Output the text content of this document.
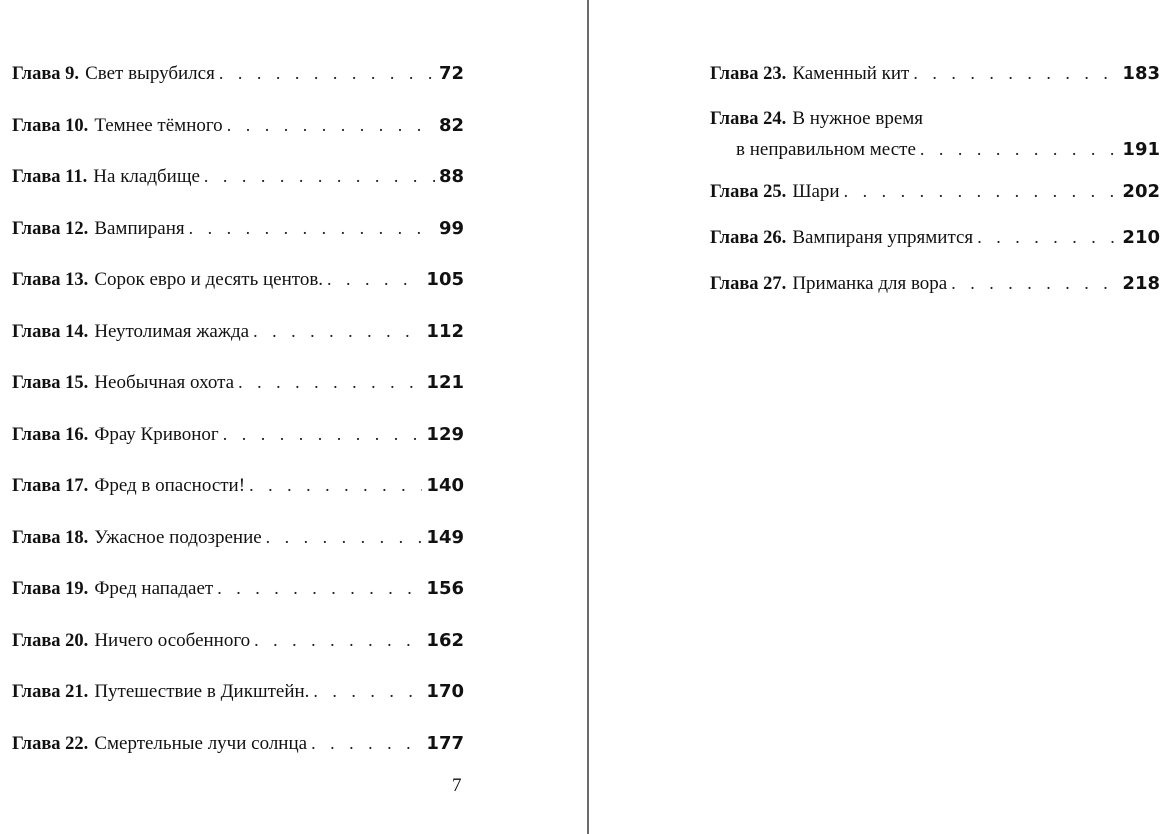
Глава 9. Свет вырубился . . .	72
Глава 10. Темнее тёмного . . .	82
Глава 11. На кладбище . . .	88
Глава 12. Вампираня . . .	99
Глава 13. Сорок евро и десять центов. . . .	105
Глава 14. Неутолимая жажда . . .	112
Глава 15. Необычная охота . . .	121
Глава 16. Фрау Кривоног . . .	129
Глава 17. Фред в опасности! . . .	140
Глава 18. Ужасное подозрение . . .	149
Глава 19. Фред нападает . . .	156
Глава 20. Ничего особенного . . .	162
Глава 21. Путешествие в Дикштейн. . . .	170
Глава 22. Смертельные лучи солнца . . .	177
7
Глава 23. Каменный кит . . .	183
Глава 24. В нужное время
в неправильном месте . . .	191
Глава 25. Шари . . .	202
Глава 26. Вампираня упрямится . . .	210
Глава 27. Приманка для вора . . .	218
